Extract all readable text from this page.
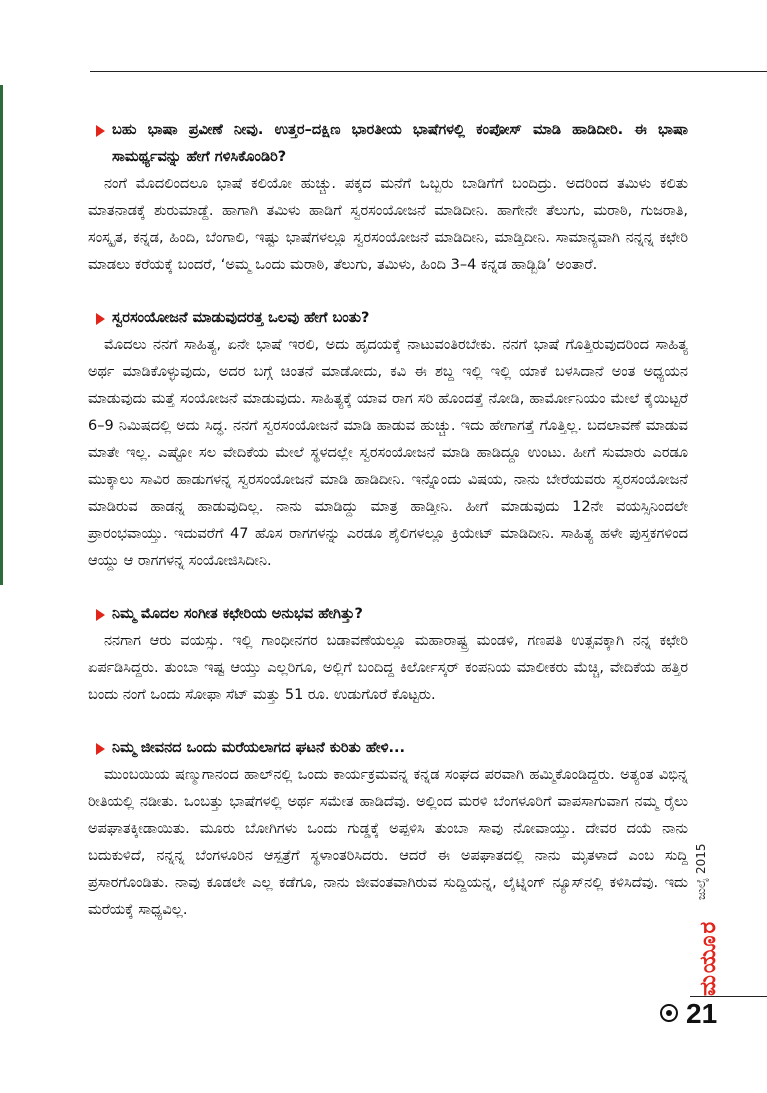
ಬಹು ಭಾಷಾ ಪ್ರವೀಣೆ ನೀವು. ಉತ್ತರ–ದಕ್ಷಿಣ ಭಾರತೀಯ ಭಾಷೆಗಳಲ್ಲಿ ಕಂಪೋಸ್ ಮಾಡಿ ಹಾಡಿದೀರಿ. ಈ ಭಾಷಾ ಸಾಮರ್ಥ್ಯವನ್ನು ಹೇಗೆ ಗಳಿಸಿಕೊಂಡಿರಿ?
ನಂಗೆ ಮೊದಲಿಂದಲೂ ಭಾಷೆ ಕಲಿಯೋ ಹುಚ್ಚು. ಪಕ್ಕದ ಮನೆಗೆ ಒಬ್ಬರು ಬಾಡಿಗೆಗೆ ಬಂದಿದ್ರು. ಅದರಿಂದ ತಮಿಳು ಕಲಿತು ಮಾತನಾಡಕ್ಕೆ ಶುರುಮಾಡ್ದೆ. ಹಾಗಾಗಿ ತಮಿಳು ಹಾಡಿಗೆ ಸ್ವರಸಂಯೋಜನೆ ಮಾಡಿದೀನಿ. ಹಾಗೇನೇ ತೆಲುಗು, ಮರಾಠಿ, ಗುಜರಾತಿ, ಸಂಸ್ಕೃತ, ಕನ್ನಡ, ಹಿಂದಿ, ಬೆಂಗಾಲಿ, ಇಷ್ಟು ಭಾಷೆಗಳಲ್ಲೂ ಸ್ವರಸಂಯೋಜನೆ ಮಾಡಿದೀನಿ, ಮಾಡ್ತಿದೀನಿ. ಸಾಮಾನ್ಯವಾಗಿ ನನ್ನನ್ನ ಕಛೇರಿ ಮಾಡಲು ಕರೆಯಕ್ಕೆ ಬಂದರೆ, ‘ಅಮ್ಮ ಒಂದು ಮರಾಠಿ, ತೆಲುಗು, ತಮಿಳು, ಹಿಂದಿ 3–4 ಕನ್ನಡ ಹಾಡ್ಬಿಡಿ’ ಅಂತಾರೆ.
ಸ್ವರಸಂಯೋಜನೆ ಮಾಡುವುದರತ್ತ ಒಲವು ಹೇಗೆ ಬಂತು?
ಮೊದಲು ನನಗೆ ಸಾಹಿತ್ಯ, ಏನೇ ಭಾಷೆ ಇರಲಿ, ಅದು ಹೃದಯಕ್ಕೆ ನಾಟುವಂತಿರಬೇಕು. ನನಗೆ ಭಾಷೆ ಗೊತ್ತಿರುವುದರಿಂದ ಸಾಹಿತ್ಯ ಅರ್ಥ ಮಾಡಿಕೊಳ್ಳುವುದು, ಅದರ ಬಗ್ಗೆ ಚಿಂತನೆ ಮಾಡೋದು, ಕವಿ ಈ ಶಬ್ದ ಇಲ್ಲಿ ಇಲ್ಲಿ ಯಾಕೆ ಬಳಸಿದಾನೆ ಅಂತ ಅಧ್ಯಯನ ಮಾಡುವುದು ಮತ್ತೆ ಸಂಯೋಜನೆ ಮಾಡುವುದು. ಸಾಹಿತ್ಯಕ್ಕೆ ಯಾವ ರಾಗ ಸರಿ ಹೊಂದತ್ತೆ ನೋಡಿ, ಹಾರ್ಮೋನಿಯಂ ಮೇಲೆ ಕೈಯಿಟ್ಟರೆ 6–9 ನಿಮಿಷದಲ್ಲಿ ಅದು ಸಿದ್ಧ. ನನಗೆ ಸ್ವರಸಂಯೋಜನೆ ಮಾಡಿ ಹಾಡುವ ಹುಚ್ಚು. ಇದು ಹೇಗಾಗತ್ತೆ ಗೊತ್ತಿಲ್ಲ. ಬದಲಾವಣೆ ಮಾಡುವ ಮಾತೇ ಇಲ್ಲ. ಎಷ್ಟೋ ಸಲ ವೇದಿಕೆಯ ಮೇಲೆ ಸ್ಥಳದಲ್ಲೇ ಸ್ವರಸಂಯೋಜನೆ ಮಾಡಿ ಹಾಡಿದ್ದೂ ಉಂಟು. ಹೀಗೆ ಸುಮಾರು ಎರಡೂ ಮುಕ್ಕಾಲು ಸಾವಿರ ಹಾಡುಗಳನ್ನ ಸ್ವರಸಂಯೋಜನೆ ಮಾಡಿ ಹಾಡಿದೀನಿ. ಇನ್ನೊಂದು ವಿಷಯ, ನಾನು ಬೇರೆಯವರು ಸ್ವರಸಂಯೋಜನೆ ಮಾಡಿರುವ ಹಾಡನ್ನ ಹಾಡುವುದಿಲ್ಲ. ನಾನು ಮಾಡಿದ್ದು ಮಾತ್ರ ಹಾಡ್ತೀನಿ. ಹೀಗೆ ಮಾಡುವುದು 12ನೇ ವಯಸ್ಸಿನಿಂದಲೇ ಪ್ರಾರಂಭವಾಯ್ತು. ಇದುವರೆಗೆ 47 ಹೊಸ ರಾಗಗಳನ್ನು ಎರಡೂ ಶೈಲಿಗಳಲ್ಲೂ ಕ್ರಿಯೇಟ್ ಮಾಡಿದೀನಿ. ಸಾಹಿತ್ಯ ಹಳೇ ಪುಸ್ತಕಗಳಿಂದ ಆಯ್ದು ಆ ರಾಗಗಳನ್ನ ಸಂಯೋಜಿಸಿದೀನಿ.
ನಿಮ್ಮ ಮೊದಲ ಸಂಗೀತ ಕಛೇರಿಯ ಅನುಭವ ಹೇಗಿತ್ತು?
ನನಗಾಗ ಆರು ವಯಸ್ಸು. ಇಲ್ಲಿ ಗಾಂಧೀನಗರ ಬಡಾವಣೆಯಲ್ಲೂ ಮಹಾರಾಷ್ಟ್ರ ಮಂಡಳಿ, ಗಣಪತಿ ಉತ್ಸವಕ್ಕಾಗಿ ನನ್ನ ಕಛೇರಿ ಏರ್ಪಡಿಸಿದ್ದರು. ತುಂಬಾ ಇಷ್ಟ ಆಯ್ತು ಎಲ್ಲರಿಗೂ, ಅಲ್ಲಿಗೆ ಬಂದಿದ್ದ ಕಿರ್ಲೋಸ್ಕರ್ ಕಂಪನಿಯ ಮಾಲೀಕರು ಮೆಚ್ಚಿ, ವೇದಿಕೆಯ ಹತ್ತಿರ ಬಂದು ನಂಗೆ ಒಂದು ಸೋಫಾ ಸೆಟ್ ಮತ್ತು 51 ರೂ. ಉಡುಗೊರೆ ಕೊಟ್ಟರು.
ನಿಮ್ಮ ಜೀವನದ ಒಂದು ಮರೆಯಲಾಗದ ಘಟನೆ ಕುರಿತು ಹೇಳಿ...
ಮುಂಬಯಿಯ ಷಣ್ಮುಗಾನಂದ ಹಾಲ್‌ನಲ್ಲಿ ಒಂದು ಕಾರ್ಯಕ್ರಮವನ್ನ ಕನ್ನಡ ಸಂಘದ ಪರವಾಗಿ ಹಮ್ಮಿಕೊಂಡಿದ್ದರು. ಅತ್ಯಂತ ವಿಭಿನ್ನ ರೀತಿಯಲ್ಲಿ ನಡೀತು. ಒಂಬತ್ತು ಭಾಷೆಗಳಲ್ಲಿ ಅರ್ಥ ಸಮೇತ ಹಾಡಿದೆವು. ಅಲ್ಲಿಂದ ಮರಳಿ ಬೆಂಗಳೂರಿಗೆ ವಾಪಸಾಗುವಾಗ ನಮ್ಮ ರೈಲು ಅಪಘಾತಕ್ಕೀಡಾಯಿತು. ಮೂರು ಬೋಗಿಗಳು ಒಂದು ಗುಡ್ಡಕ್ಕೆ ಅಪ್ಪಳಿಸಿ ತುಂಬಾ ಸಾವು ನೋವಾಯ್ತು. ದೇವರ ದಯೆ ನಾನು ಬದುಕುಳಿದೆ, ನನ್ನನ್ನ ಬೆಂಗಳೂರಿನ ಆಸ್ಪತ್ರೆಗೆ ಸ್ಥಳಾಂತರಿಸಿದರು. ಆದರೆ ಈ ಅಪಘಾತದಲ್ಲಿ ನಾನು ಮೃತಳಾದೆ ಎಂಬ ಸುದ್ದಿ ಪ್ರಸಾರಗೊಂಡಿತು. ನಾವು ಕೂಡಲೇ ಎಲ್ಲ ಕಡೆಗೂ, ನಾನು ಜೀವಂತವಾಗಿರುವ ಸುದ್ದಿಯನ್ನ, ಲೈಟ್ನಿಂಗ್ ನ್ಯೂಸ್‌ನಲ್ಲಿ ಕಳಿಸಿದೆವು. ಇದು ಮರೆಯಕ್ಕೆ ಸಾಧ್ಯವಿಲ್ಲ.
ಜುಲೈ 2015
ಮಯೂರ
21
